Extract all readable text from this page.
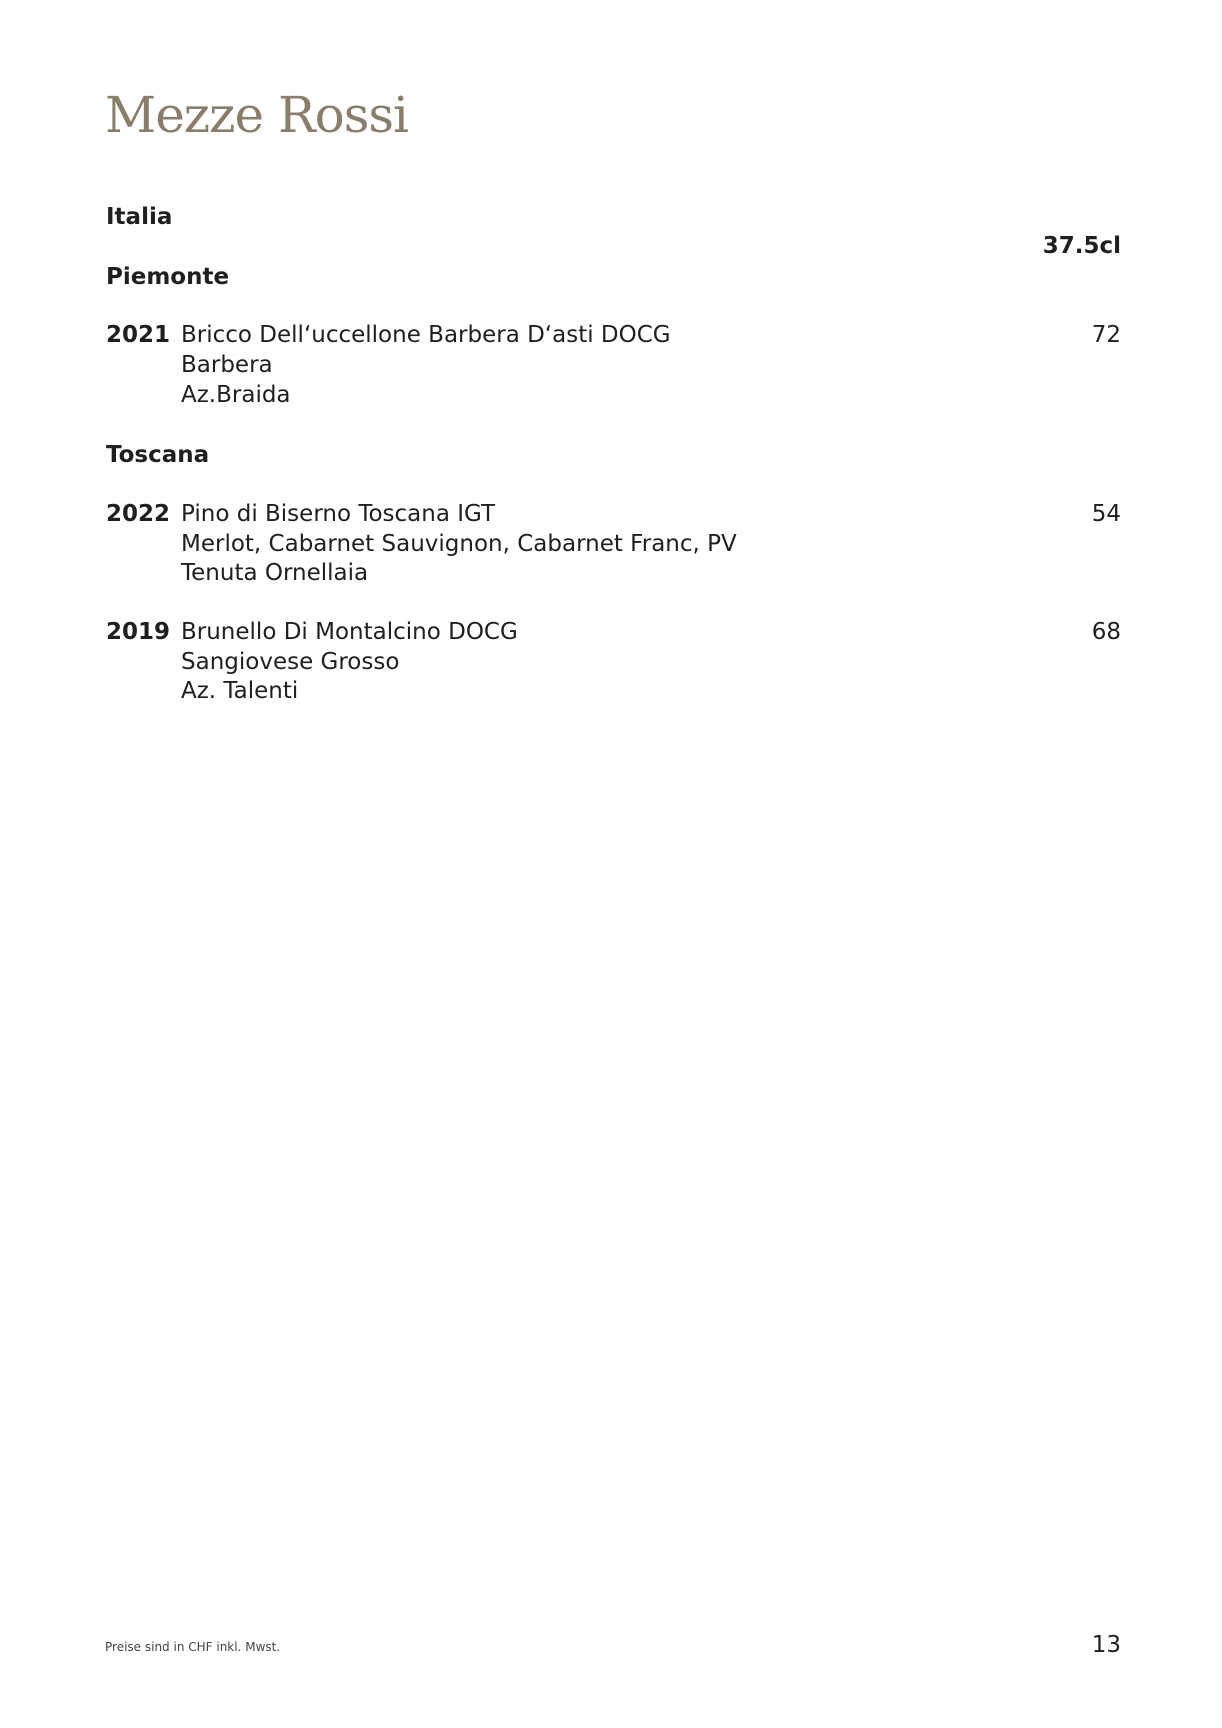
Mezze Rossi
Italia
37.5cl
Piemonte
2021 Bricco Dell‘uccellone Barbera D‘asti DOCG	72
Barbera
Az.Braida
Toscana
2022 Pino di Biserno Toscana IGT	54
Merlot, Cabarnet Sauvignon, Cabarnet Franc, PV
Tenuta Ornellaia
2019 Brunello Di Montalcino DOCG	68
Sangiovese Grosso
Az. Talenti
Preise sind in CHF inkl. Mwst.	13
